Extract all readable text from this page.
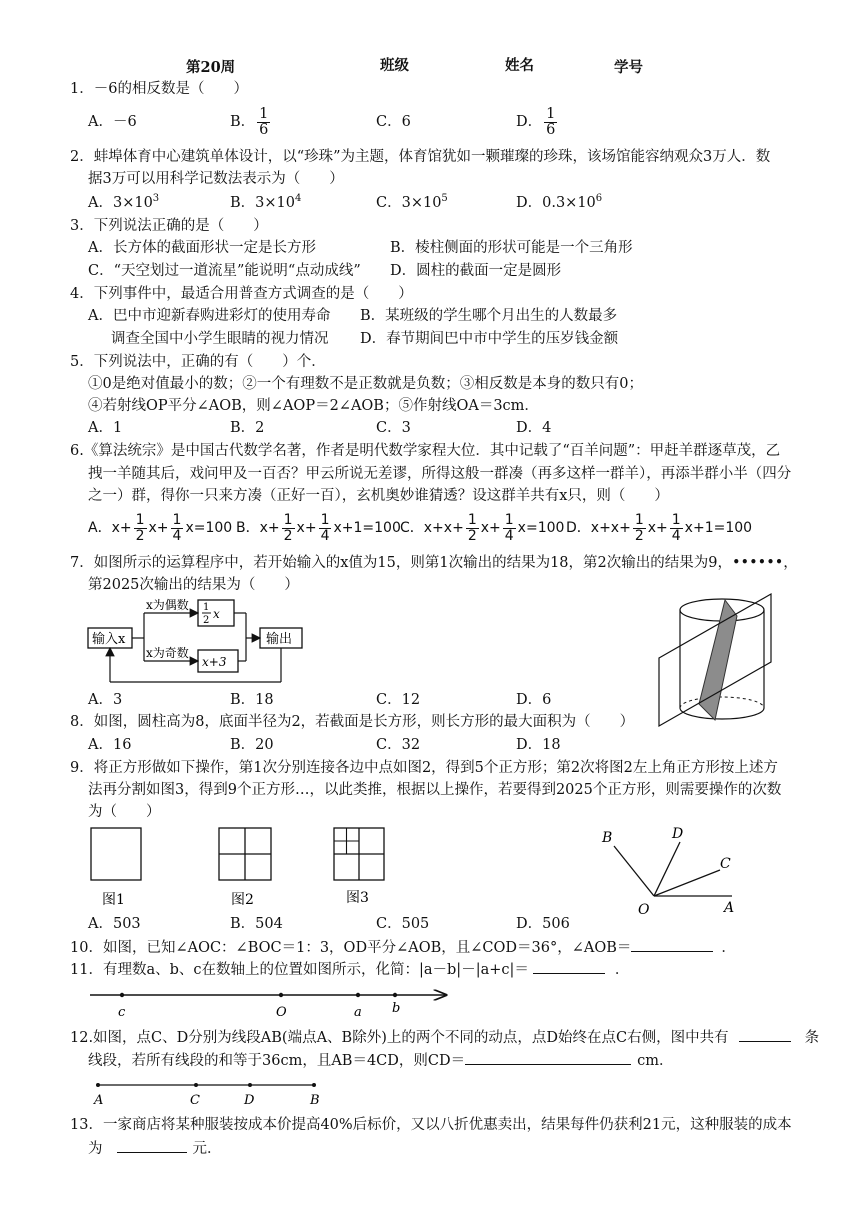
第20周	班级	姓名	学号
1．－6的相反数是（　　）
A．－6	B． $\frac{1}{6}$	C．6	D． $\frac{1}{6}$
2．蚌埠体育中心建筑单体设计，以“珍珠”为主题，体育馆犹如一颗璀璨的珍珠，该场馆能容纳观众3万人．数
据3万可以用科学记数法表示为（　　）
A．$3\times 10^3$	B．$3\times 10^4$	C．$3\times 10^5$	D．$0.3\times 10^6$
3．下列说法正确的是（　　）
A．长方体的截面形状一定是长方形	B．棱柱侧面的形状可能是一个三角形
C．“天空划过一道流星”能说明“点动成线” D．圆柱的截面一定是圆形
4．下列事件中，最适合用普查方式调查的是（　　）
A．巴中市迎新春购进彩灯的使用寿命 B．某班级的学生哪个月出生的人数最多
调查全国中小学生眼睛的视力情况 D．春节期间巴中市中学生的压岁钱金额
5．下列说法中，正确的有（　　）个．
①0是绝对值最小的数；②一个有理数不是正数就是负数；③相反数是本身的数只有0；
④若射线OP平分∠AOB，则∠AOP＝2∠AOB；⑤作射线OA＝3cm．
A．1	B．2	C．3	D．4
6.《算法统宗》是中国古代数学名著，作者是明代数学家程大位．其中记载了“百羊问题”：甲赶羊群逐草茂，乙
拽一羊随其后，戏问甲及一百否？甲云所说无差谬，所得这般一群凑（再多这样一群羊），再添半群小半（四分
之一）群，得你一只来方凑（正好一百），玄机奥妙谁猜透？设这群羊共有x只，则（　　）
A．$x+ \frac{1}{2} x+ \frac{1}{4} x=100$ B．$x+ \frac{1}{2} x+ \frac{1}{4} x+1=100$ C．$x+x+ \frac{1}{2} x+ \frac{1}{4} x=100$ D．$x+x+ \frac{1}{2} x+ \frac{1}{4} x+1=100$
7．如图所示的运算程序中，若开始输入的x值为15，则第1次输出的结果为18，第2次输出的结果为9，••••••，
第2025次输出的结果为（　　）
输入x
1
2 x
x+3
输出
x为偶数
x为奇数
A．3	B．18	C．12	D．6
8．如图，圆柱高为8，底面半径为2，若截面是长方形，则长方形的最大面积为（　　）
A．16	B．20	C．32	D．18
9．将正方形做如下操作，第1次分别连接各边中点如图2，得到5个正方形；第2次将图2左上角正方形按上述方
法再分割如图3，得到9个正方形…，以此类推，根据以上操作，若要得到2025个正方形，则需要操作的次数
为（　　）
图1	图2	图3
A
B
C
D
O
A．503	B．504	C．505	D．506
10．如图，已知∠AOC：∠BOC＝1：3，OD平分∠AOB，且∠COD＝36°，∠AOB＝	．
11．有理数a、b、c在数轴上的位置如图所示，化简：|a－b|－|a+c|＝	．
c	O	a b
12.如图，点C、D分别为线段AB(端点A、B除外)上的两个不同的动点，点D始终在点C右侧，图中共有	条
线段，若所有线段的和等于36cm，且AB＝4CD，则CD＝	cm．
A	C	D	B
13．一家商店将某种服装按成本价提高40%后标价，又以八折优惠卖出，结果每件仍获利21元，这种服装的成本
为	元．
